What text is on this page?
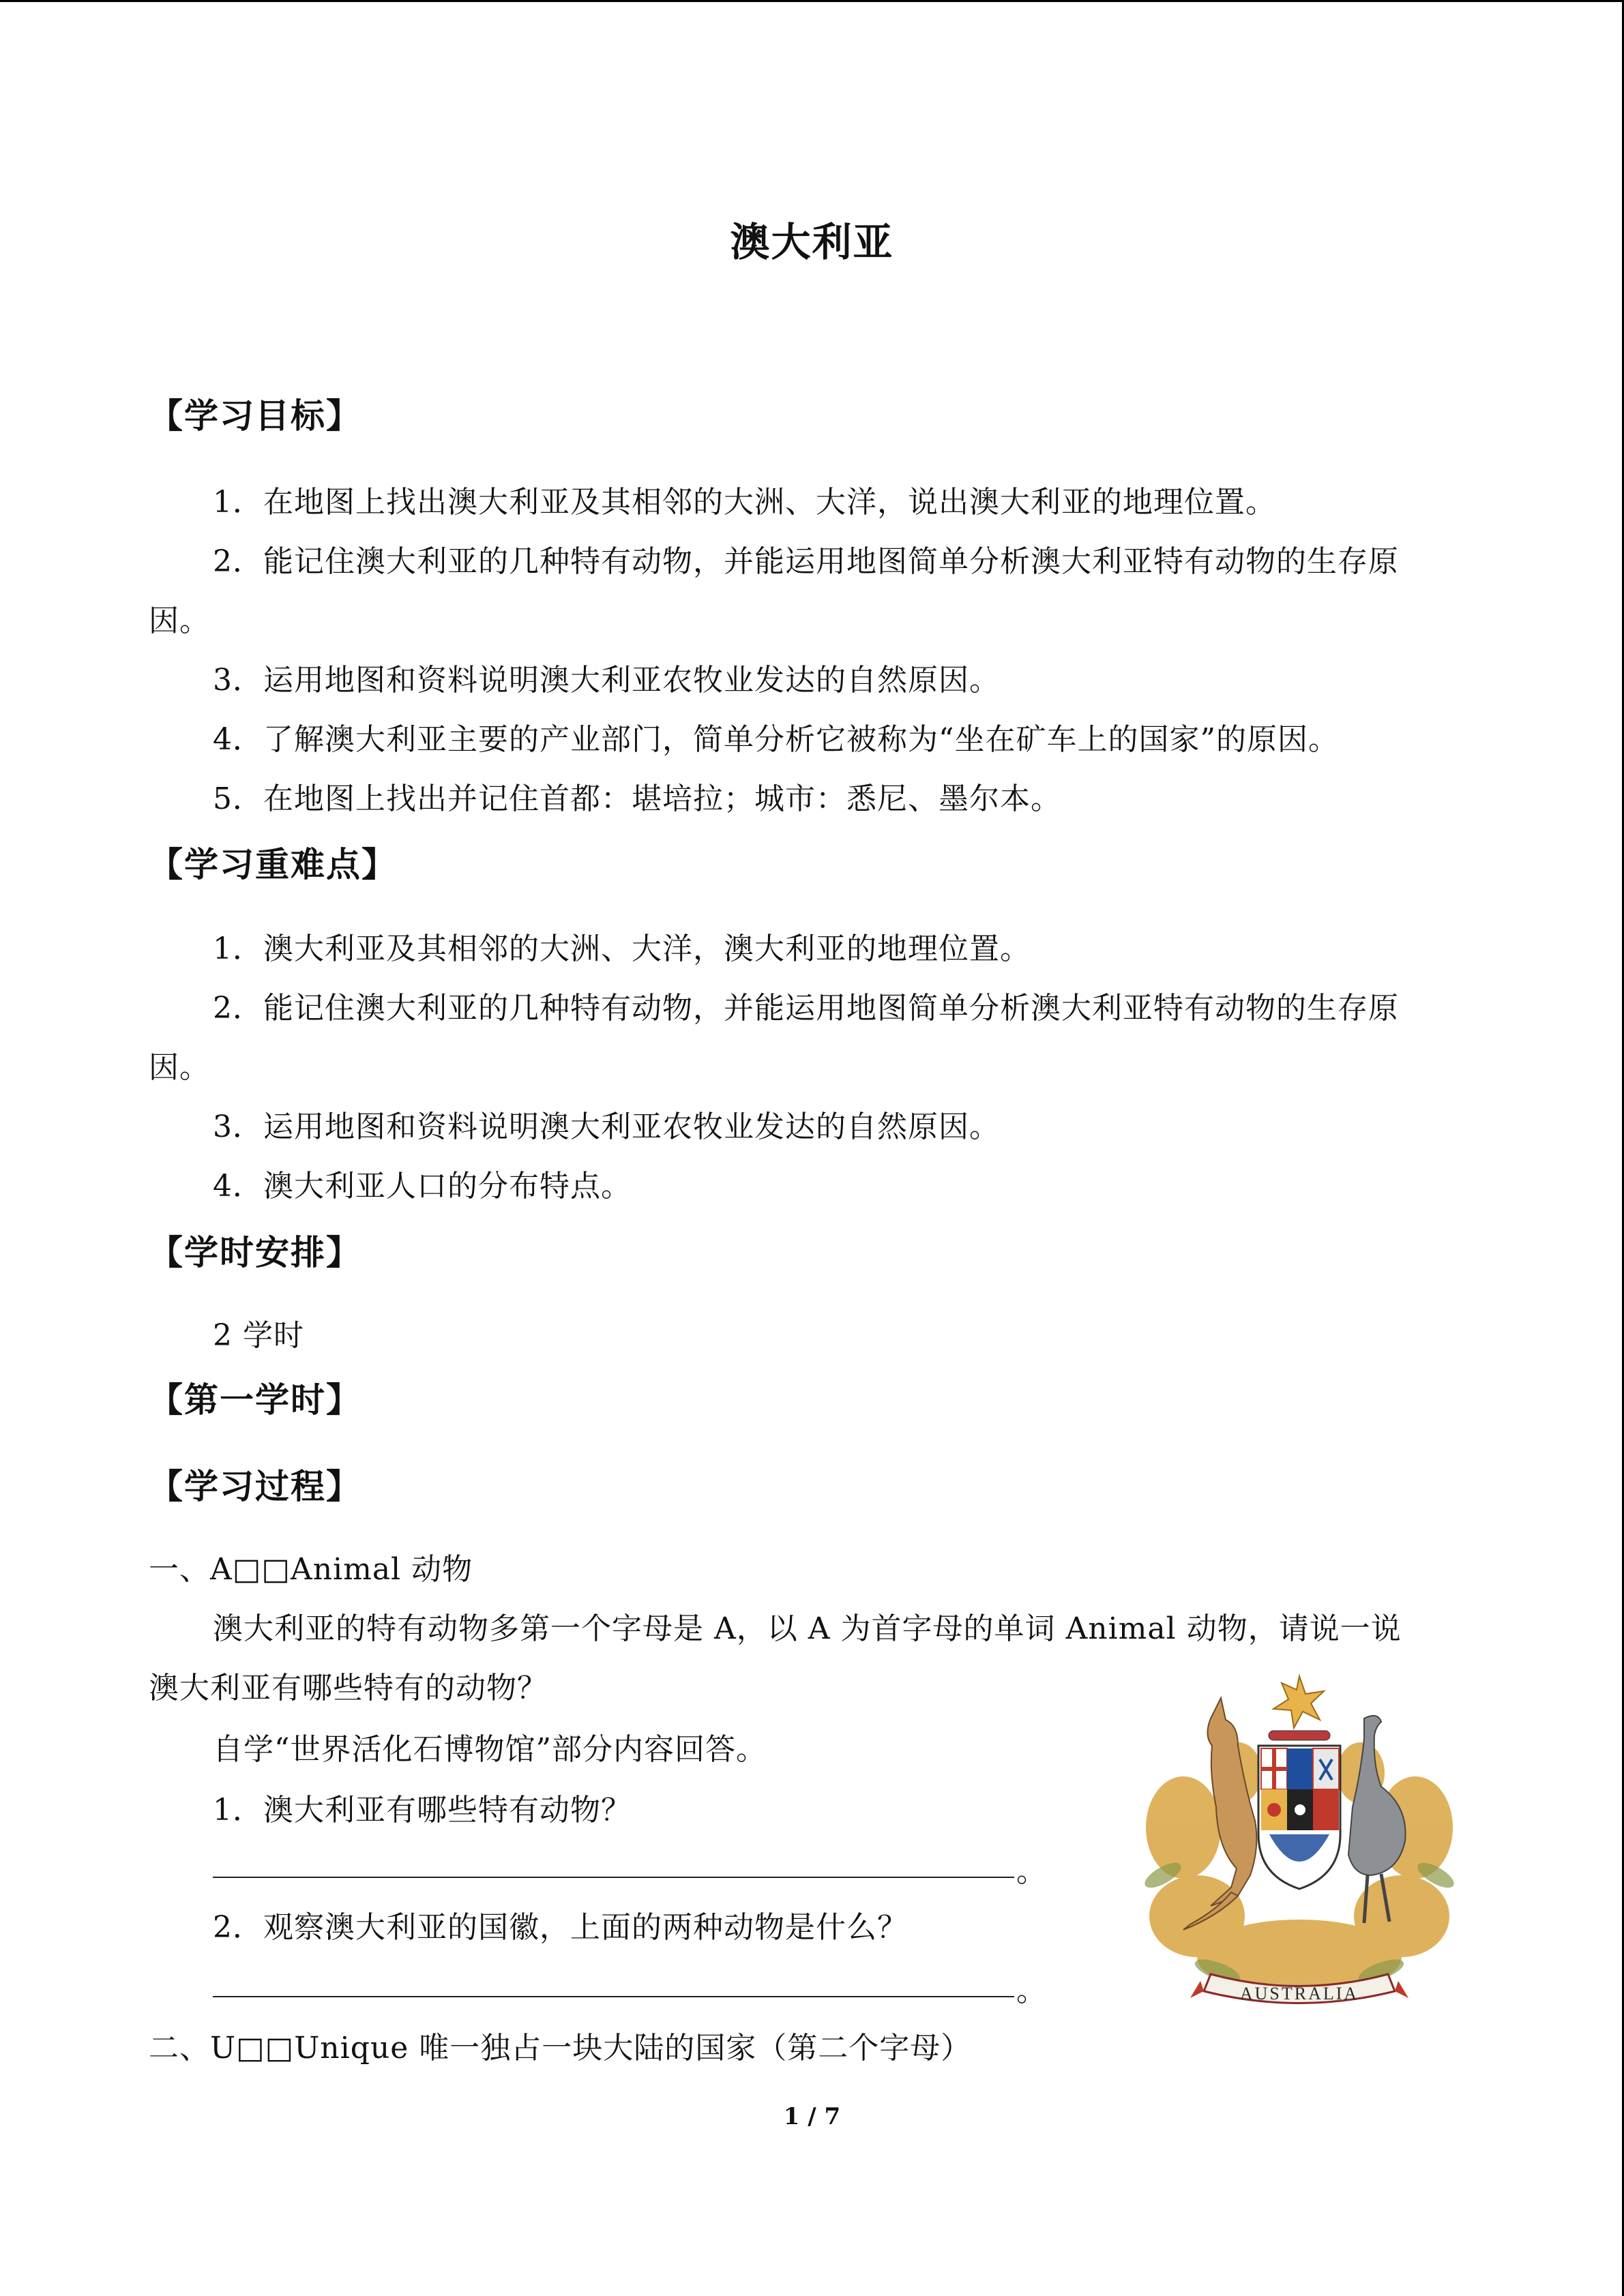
澳大利亚
【学习目标】
1．在地图上找出澳大利亚及其相邻的大洲、大洋，说出澳大利亚的地理位置。
2．能记住澳大利亚的几种特有动物，并能运用地图简单分析澳大利亚特有动物的生存原
因。
3．运用地图和资料说明澳大利亚农牧业发达的自然原因。
4．了解澳大利亚主要的产业部门，简单分析它被称为“坐在矿车上的国家”的原因。
5．在地图上找出并记住首都：堪培拉；城市：悉尼、墨尔本。
【学习重难点】
1．澳大利亚及其相邻的大洲、大洋，澳大利亚的地理位置。
2．能记住澳大利亚的几种特有动物，并能运用地图简单分析澳大利亚特有动物的生存原
因。
3．运用地图和资料说明澳大利亚农牧业发达的自然原因。
4．澳大利亚人口的分布特点。
【学时安排】
2 学时
【第一学时】
【学习过程】
一、A□□Animal 动物
澳大利亚的特有动物多第一个字母是 A，以 A 为首字母的单词 Animal 动物，请说一说
澳大利亚有哪些特有的动物？
自学“世界活化石博物馆”部分内容回答。
1．澳大利亚有哪些特有动物？
。
2．观察澳大利亚的国徽，上面的两种动物是什么？
。
二、U□□Unique 唯一独占一块大陆的国家（第二个字母）
AUSTRALIA
1 / 7
